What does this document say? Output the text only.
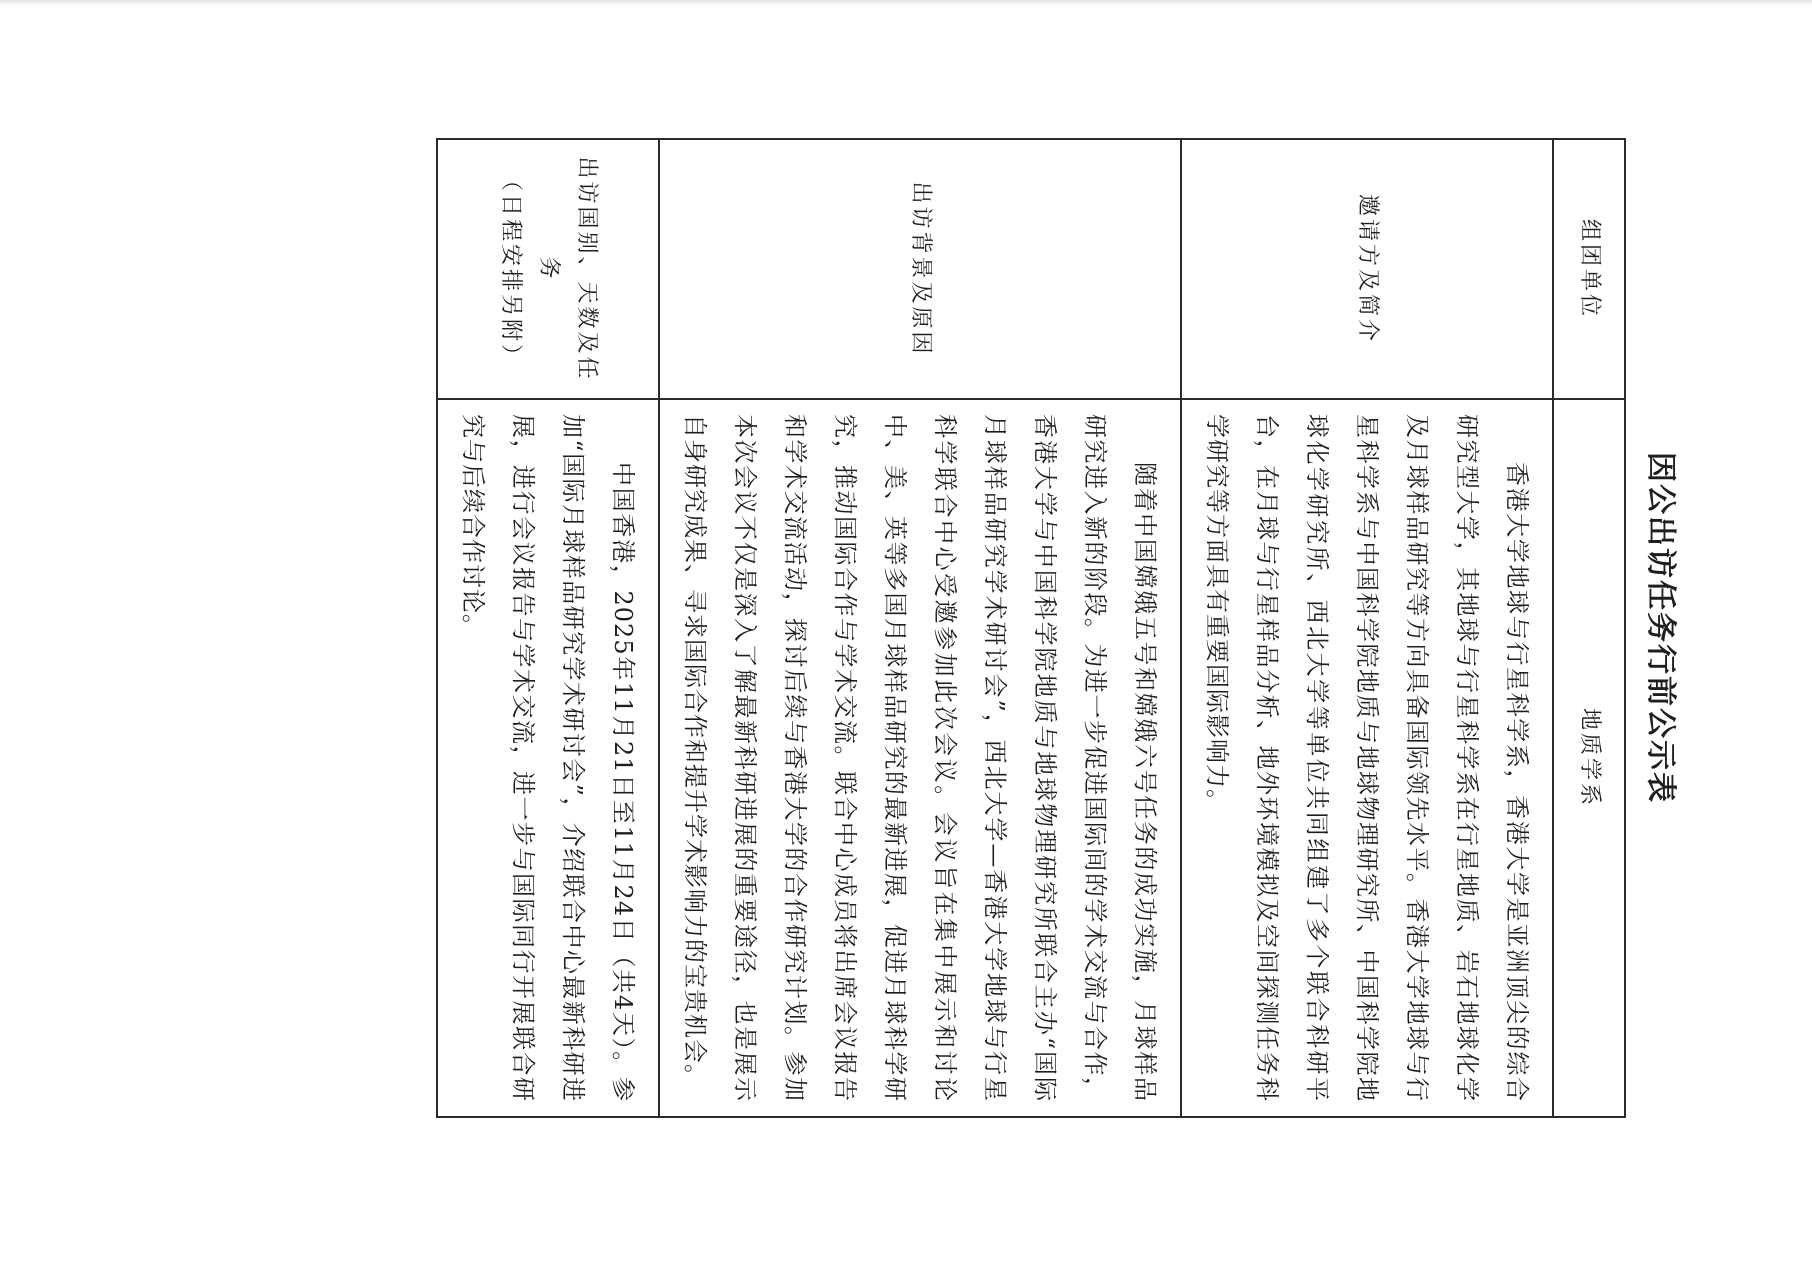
因公出访任务行前公示表
组团单位	地质学系
邀请方及简介	香港大学地球与行星科学系，香港大学是亚洲顶尖的综合研究型大学，其地球与行星科学系在行星地质、岩石地球化学及月球样品研究等方向具备国际领先水平。香港大学地球与行星科学系与中国科学院地质与地球物理研究所、中国科学院地球化学研究所、西北大学等单位共同组建了多个联合科研平台，在月球与行星样品分析、地外环境模拟及空间探测任务科学研究等方面具有重要国际影响力。

出访背景及原因	随着中国嫦娥五号和嫦娥六号任务的成功实施，月球样品研究进入新的阶段。为进一步促进国际间的学术交流与合作，香港大学与中国科学院地质与地球物理研究所联合主办“国际月球样品研究学术研讨会”，西北大学—香港大学地球与行星科学联合中心受邀参加此次会议。会议旨在集中展示和讨论中、美、英等多国月球样品研究的最新进展，促进月球科学研究，推动国际合作与学术交流。联合中心成员将出席会议报告和学术交流活动，探讨后续与香港大学的合作研究计划。参加本次会议不仅是深入了解最新科研进展的重要途径，也是展示自身研究成果、寻求国际合作和提升学术影响力的宝贵机会。

出访国别、天数及任务
（日程安排另附）	中国香港，2025年11月21日至11月24日（共4天）。参加“国际月球样品研究学术研讨会”，介绍联合中心最新科研进展，进行会议报告与学术交流，进一步与国际同行开展联合研究与后续合作讨论。
